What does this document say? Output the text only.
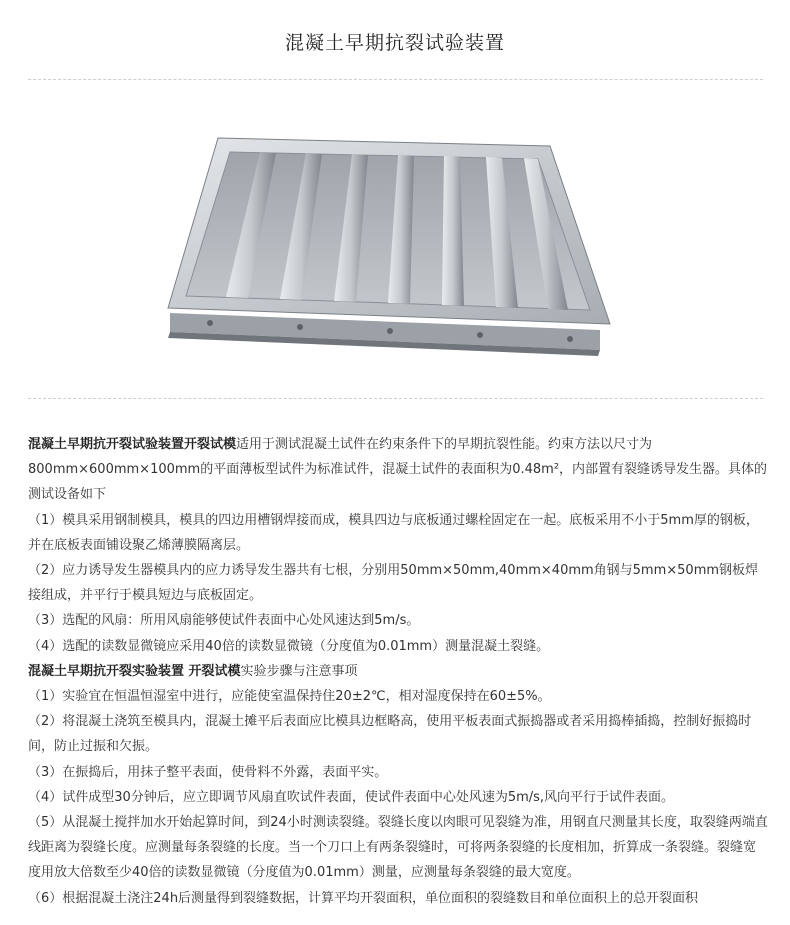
混凝土早期抗裂试验装置

混凝土早期抗开裂试验装置开裂试模适用于测试混凝土试件在约束条件下的早期抗裂性能。约束方法以尺寸为800mm×600mm×100mm的平面薄板型试件为标准试件，混凝土试件的表面积为0.48m²，内部置有裂缝诱导发生器。具体的测试设备如下

（1）模具采用钢制模具，模具的四边用槽钢焊接而成，模具四边与底板通过螺栓固定在一起。底板采用不小于5mm厚的钢板，并在底板表面铺设聚乙烯薄膜隔离层。

（2）应力诱导发生器模具内的应力诱导发生器共有七根，分别用50mm×50mm,40mm×40mm角钢与5mm×50mm钢板焊接组成，并平行于模具短边与底板固定。

（3）选配的风扇：所用风扇能够使试件表面中心处风速达到5m/s。

（4）选配的读数显微镜应采用40倍的读数显微镜（分度值为0.01mm）测量混凝土裂缝。

混凝土早期抗开裂实验装置 开裂试模实验步骤与注意事项

（1）实验宜在恒温恒湿室中进行，应能使室温保持住20±2℃，相对湿度保持在60±5%。

（2）将混凝土浇筑至模具内，混凝土摊平后表面应比模具边框略高，使用平板表面式振捣器或者采用捣棒插捣，控制好振捣时间，防止过振和欠振。

（3）在振捣后，用抹子整平表面，使骨料不外露，表面平实。

（4）试件成型30分钟后，应立即调节风扇直吹试件表面，使试件表面中心处风速为5m/s,风向平行于试件表面。

（5）从混凝土搅拌加水开始起算时间，到24小时测读裂缝。裂缝长度以肉眼可见裂缝为准，用钢直尺测量其长度，取裂缝两端直线距离为裂缝长度。应测量每条裂缝的长度。当一个刀口上有两条裂缝时，可将两条裂缝的长度相加，折算成一条裂缝。裂缝宽度用放大倍数至少40倍的读数显微镜（分度值为0.01mm）测量，应测量每条裂缝的最大宽度。

（6）根据混凝土浇注24h后测量得到裂缝数据，计算平均开裂面积，单位面积的裂缝数目和单位面积上的总开裂面积
